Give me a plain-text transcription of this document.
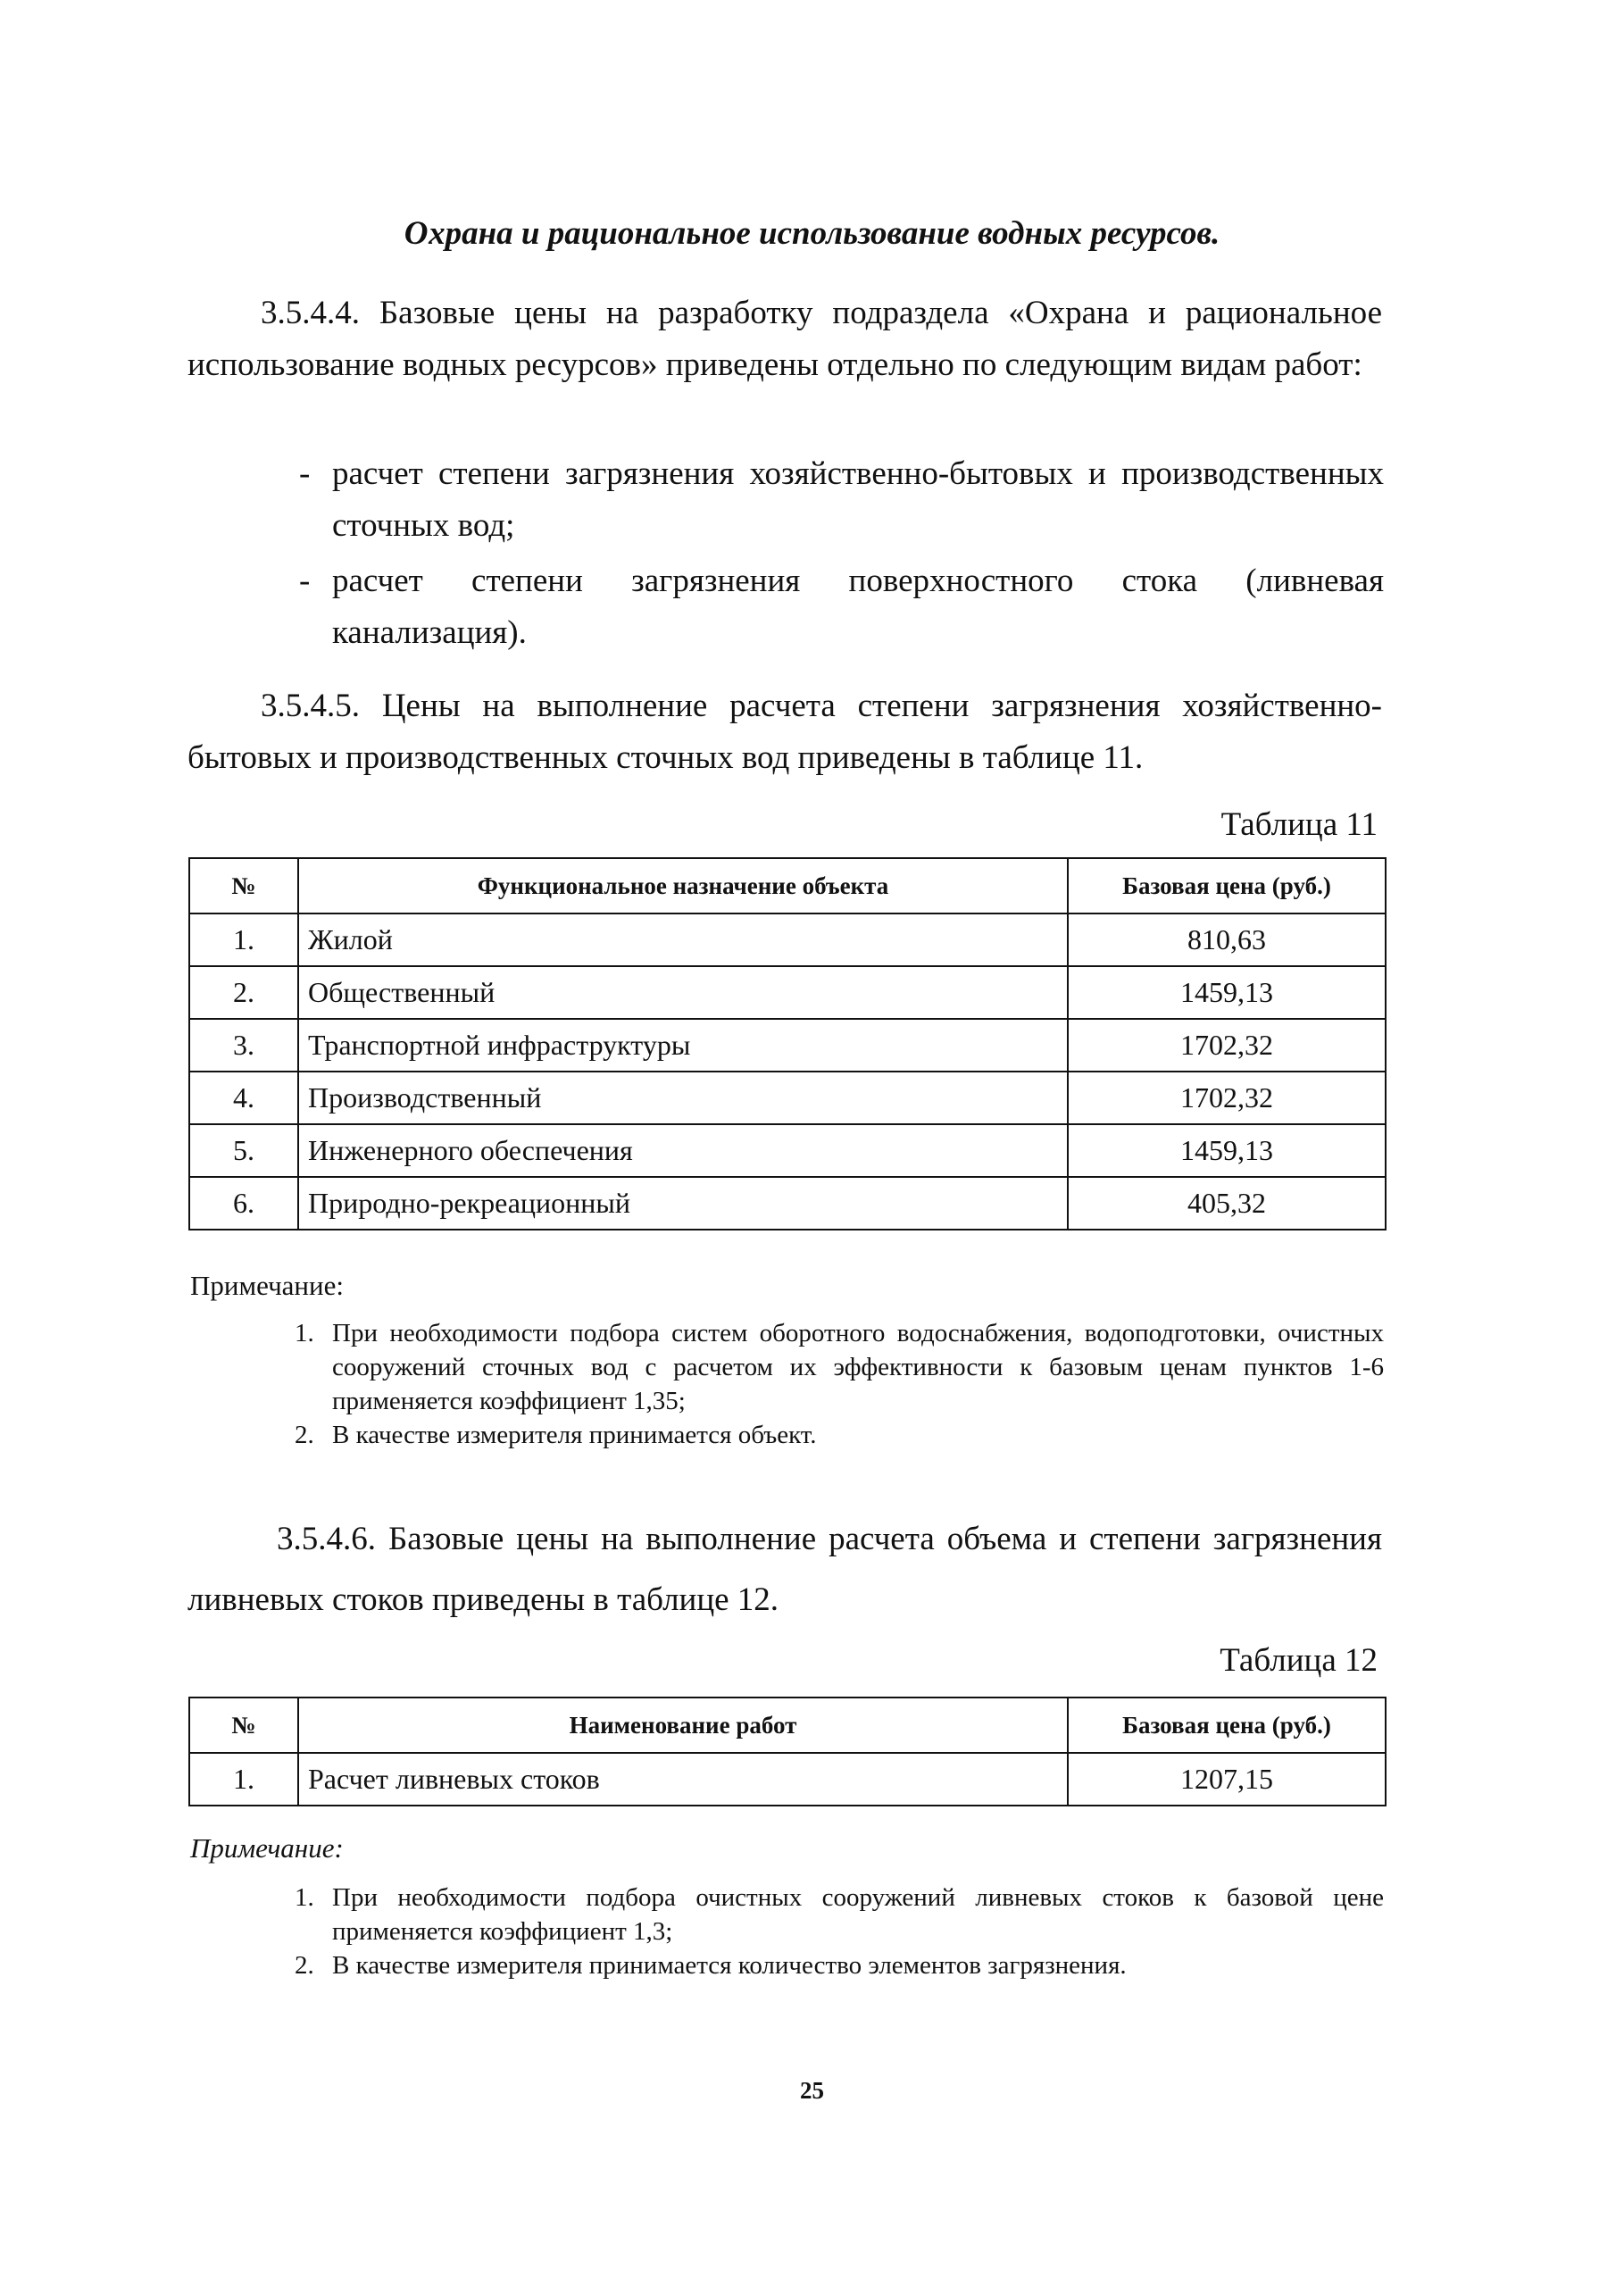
Охрана и рациональное использование водных ресурсов.
3.5.4.4. Базовые цены на разработку подраздела «Охрана и рациональное использование водных ресурсов» приведены отдельно по следующим видам работ:
- расчет степени загрязнения хозяйственно-бытовых и производственных сточных вод;
- расчет степени загрязнения поверхностного стока (ливневая канализация).
3.5.4.5. Цены на выполнение расчета степени загрязнения хозяйственно-бытовых и производственных сточных вод приведены в таблице 11.
Таблица 11
№	Функциональное назначение объекта	Базовая цена (руб.)
1.	Жилой	810,63
2.	Общественный	1459,13
3.	Транспортной инфраструктуры	1702,32
4.	Производственный	1702,32
5.	Инженерного обеспечения	1459,13
6.	Природно-рекреационный	405,32
Примечание:
1. При необходимости подбора систем оборотного водоснабжения, водоподготовки, очистных сооружений сточных вод с расчетом их эффективности к базовым ценам пунктов 1-6 применяется коэффициент 1,35;
2. В качестве измерителя принимается объект.
3.5.4.6. Базовые цены на выполнение расчета объема и степени загрязнения ливневых стоков приведены в таблице 12.
Таблица 12
№	Наименование работ	Базовая цена (руб.)
1.	Расчет ливневых стоков	1207,15
Примечание:
1. При необходимости подбора очистных сооружений ливневых стоков к базовой цене применяется коэффициент 1,3;
2. В качестве измерителя принимается количество элементов загрязнения.
25
